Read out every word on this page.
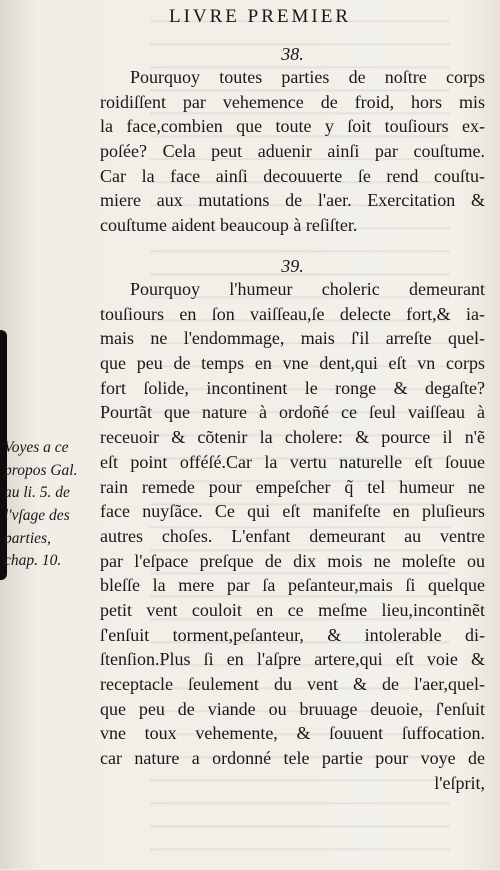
LIVRE PREMIER
38.
Pourquoy toutes parties de noſtre corps
roidiſſent par vehemence de froid, hors mis
la face,combien que toute y ſoit touſiours ex-
poſée? Cela peut aduenir ainſi par couſtume.
Car la face ainſi decouuerte ſe rend couſtu-
miere aux mutations de l'aer. Exercitation &
couſtume aident beaucoup à reſiſter.
39.
Pourquoy l'humeur choleric demeurant
touſiours en ſon vaiſſeau,ſe delecte fort,& ia-
mais ne l'endommage, mais ſ'il arreſte quel-
que peu de temps en vne dent,qui eſt vn corps
fort ſolide, incontinent le ronge & degaſte?
Pourtãt que nature à ordoñé ce ſeul vaiſſeau à
receuoir & cõtenir la cholere: & pource il n'ẽ
eſt point offéſé.Car la vertu naturelle eſt ſouue
rain remede pour empeſcher q̃ tel humeur ne
face nuyſãce. Ce qui eſt manifeſte en pluſieurs
autres choſes. L'enfant demeurant au ventre
par l'eſpace preſque de dix mois ne moleſte ou
bleſſe la mere par ſa peſanteur,mais ſi quelque
petit vent couloit en ce meſme lieu,incontinẽt
ſ'enſuit torment,peſanteur, & intolerable di-
ſtenſion.Plus ſi en l'aſpre artere,qui eſt voie &
receptacle ſeulement du vent & de l'aer,quel-
que peu de viande ou bruuage deuoie, ſ'enſuit
vne toux vehemente, & ſouuent ſuffocation.
car nature a ordonné tele partie pour voye de
l'eſprit,
Voyes a ce
propos Gal.
au li. 5. de
l'vſage des
parties,
chap. 10.
